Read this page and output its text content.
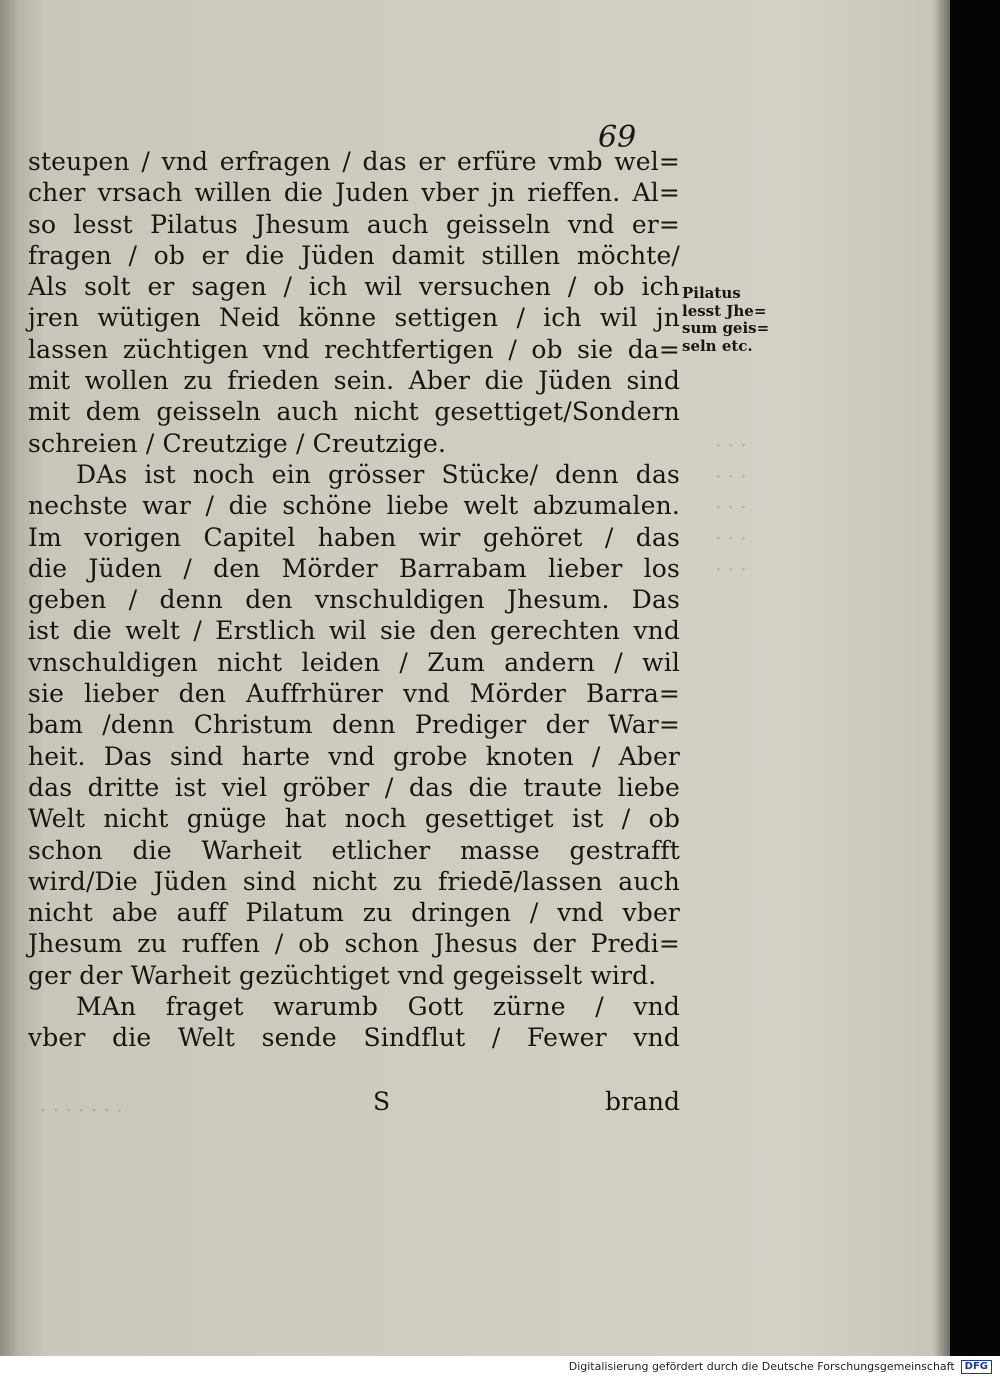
· · ·
· · ·
· · ·
· · ·
· · ·
· · · · · · ·
69
steupen / vnd erfragen / das er erfüre vmb wel=
cher vrsach willen die Juden vber jn rieffen. Al=
so lesst Pilatus Jhesum auch geisseln vnd er=
fragen / ob er die Jüden damit stillen möchte/
Als solt er sagen / ich wil versuchen / ob ich
jren wütigen Neid könne settigen / ich wil jn
lassen züchtigen vnd rechtfertigen / ob sie da=
mit wollen zu frieden sein. Aber die Jüden sind
mit dem geisseln auch nicht gesettiget/Sondern
schreien / Creutzige / Creutzige.
DAs ist noch ein grösser Stücke/ denn das
nechste war / die schöne liebe welt abzumalen.
Im vorigen Capitel haben wir gehöret / das
die Jüden / den Mörder Barrabam lieber los
geben / denn den vnschuldigen Jhesum. Das
ist die welt / Erstlich wil sie den gerechten vnd
vnschuldigen nicht leiden / Zum andern / wil
sie lieber den Auffrhürer vnd Mörder Barra=
bam /denn Christum denn Prediger der War=
heit. Das sind harte vnd grobe knoten / Aber
das dritte ist viel gröber / das die traute liebe
Welt nicht gnüge hat noch gesettiget ist / ob
schon die Warheit etlicher masse gestrafft
wird/Die Jüden sind nicht zu friedē/lassen auch
nicht abe auff Pilatum zu dringen / vnd vber
Jhesum zu ruffen / ob schon Jhesus der Predi=
ger der Warheit gezüchtiget vnd gegeisselt wird.
MAn fraget warumb Gott zürne / vnd
vber die Welt sende Sindflut / Fewer vnd
Pilatus
lesst Jhe=
sum geis=
seln etc.
S	brand
Digitalisierung gefördert durch die Deutsche Forschungsgemeinschaft DFG
